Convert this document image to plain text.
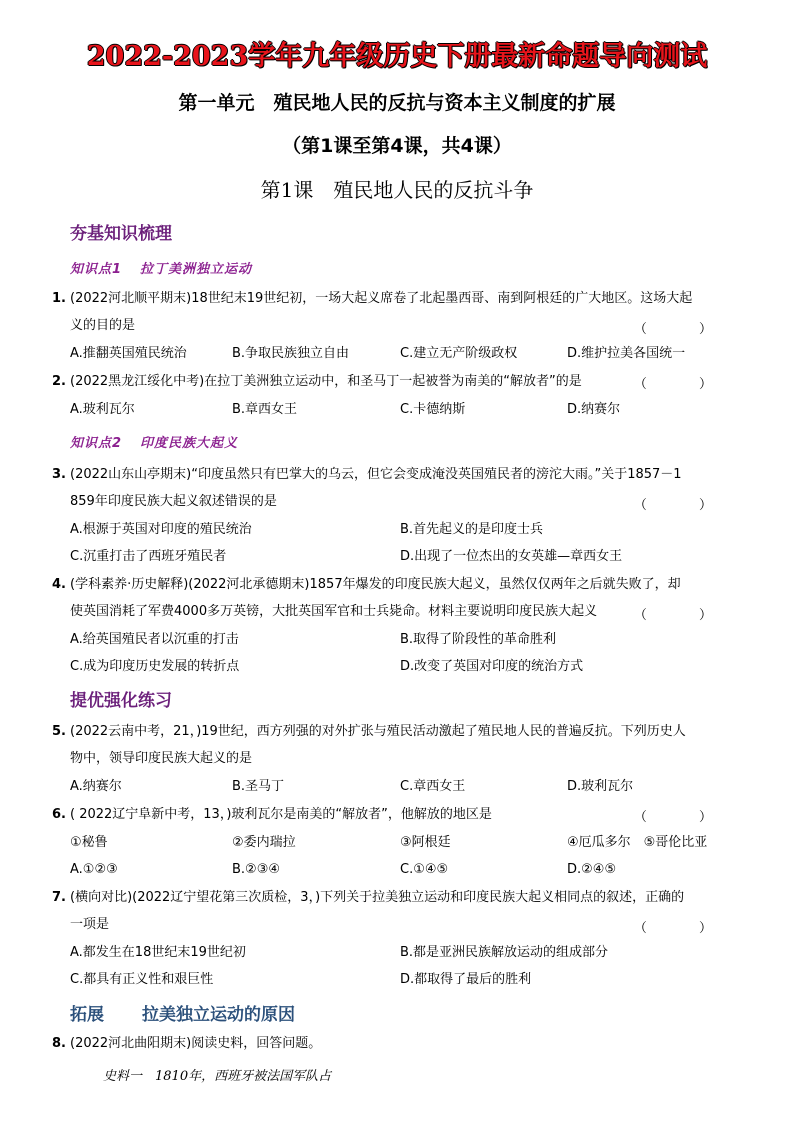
2022-2023学年九年级历史下册最新命题导向测试
第一单元　殖民地人民的反抗与资本主义制度的扩展
（第1课至第4课，共4课）
第1课　殖民地人民的反抗斗争
夯基知识梳理
知识点1 拉丁美洲独立运动
1. (2022河北顺平期末)18世纪末19世纪初，一场大起义席卷了北起墨西哥、南到阿根廷的广大地区。这场大起
义的目的是	（ ）
A.推翻英国殖民统治	B.争取民族独立自由	C.建立无产阶级政权	D.维护拉美各国统一
2. (2022黑龙江绥化中考)在拉丁美洲独立运动中，和圣马丁一起被誉为南美的“解放者”的是	（ ）
A.玻利瓦尔	B.章西女王	C.卡德纳斯	D.纳赛尔
知识点2 印度民族大起义
3. (2022山东山亭期末)“印度虽然只有巴掌大的乌云，但它会变成淹没英国殖民者的滂沱大雨。”关于1857－1
859年印度民族大起义叙述错误的是	（ ）
A.根源于英国对印度的殖民统治	B.首先起义的是印度士兵
C.沉重打击了西班牙殖民者	D.出现了一位杰出的女英雄—章西女王
4. (学科素养·历史解释)(2022河北承德期末)1857年爆发的印度民族大起义，虽然仅仅两年之后就失败了，却
使英国消耗了军费4000多万英镑，大批英国军官和士兵毙命。材料主要说明印度民族大起义	（ ）
A.给英国殖民者以沉重的打击	B.取得了阶段性的革命胜利
C.成为印度历史发展的转折点	D.改变了英国对印度的统治方式
提优强化练习
5. (2022云南中考，21，)19世纪，西方列强的对外扩张与殖民活动激起了殖民地人民的普遍反抗。下列历史人
物中，领导印度民族大起义的是
A.纳赛尔	B.圣马丁	C.章西女王	D.玻利瓦尔
6. ( 2022辽宁阜新中考，13，)玻利瓦尔是南美的“解放者”，他解放的地区是	（ ）
①秘鲁	②委内瑞拉	③阿根廷	④厄瓜多尔　⑤哥伦比亚
A.①②③	B.②③④	C.①④⑤	D.②④⑤
7. (横向对比)(2022辽宁望花第三次质检，3，)下列关于拉美独立运动和印度民族大起义相同点的叙述，正确的
一项是	（ ）
A.都发生在18世纪末19世纪初	B.都是亚洲民族解放运动的组成部分
C.都具有正义性和艰巨性	D.都取得了最后的胜利
拓展 拉美独立运动的原因
8. (2022河北曲阳期末)阅读史料，回答问题。
史料一　1810年，西班牙被法国军队占
